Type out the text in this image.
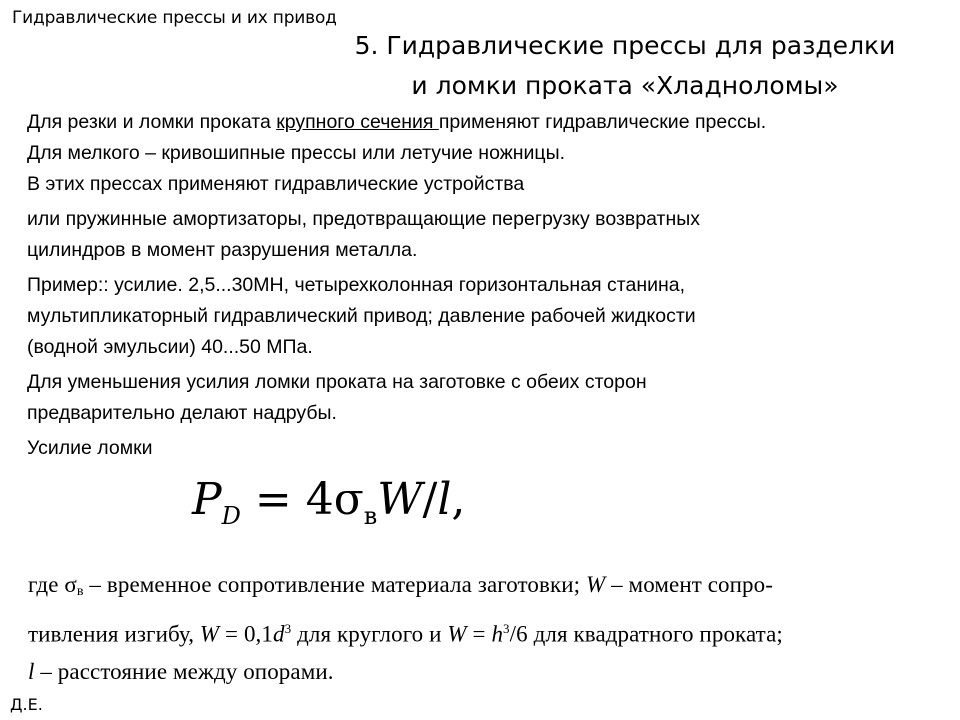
Гидравлические прессы и их привод
5. Гидравлические прессы для разделки
и ломки проката «Хладноломы»

Для резки и ломки проката крупного сечения применяют гидравлические прессы. Для мелкого – кривошипные прессы или летучие ножницы.

В этих прессах применяют гидравлические устройства

или пружинные амортизаторы, предотвращающие перегрузку возвратных цилиндров в момент разрушения металла.

Пример:: усилие. 2,5...30МН, четырехколонная горизонтальная станина,
мультипликаторный гидравлический привод; давление рабочей жидкости
(водной эмульсии) 40...50 МПа.

Для уменьшения усилия ломки проката на заготовке с обеих сторон предварительно делают надрубы.

Усилие ломки

$P_D = 4\sigma_вW/l$,
где σв – временное сопротивление материала заготовки; W – момент сопро-
тивления изгибу, $W = 0,1d^3$ для круглого и $W = h^3/6$ для квадратного проката;
l – расстояние между опорами.
Д.Е.
